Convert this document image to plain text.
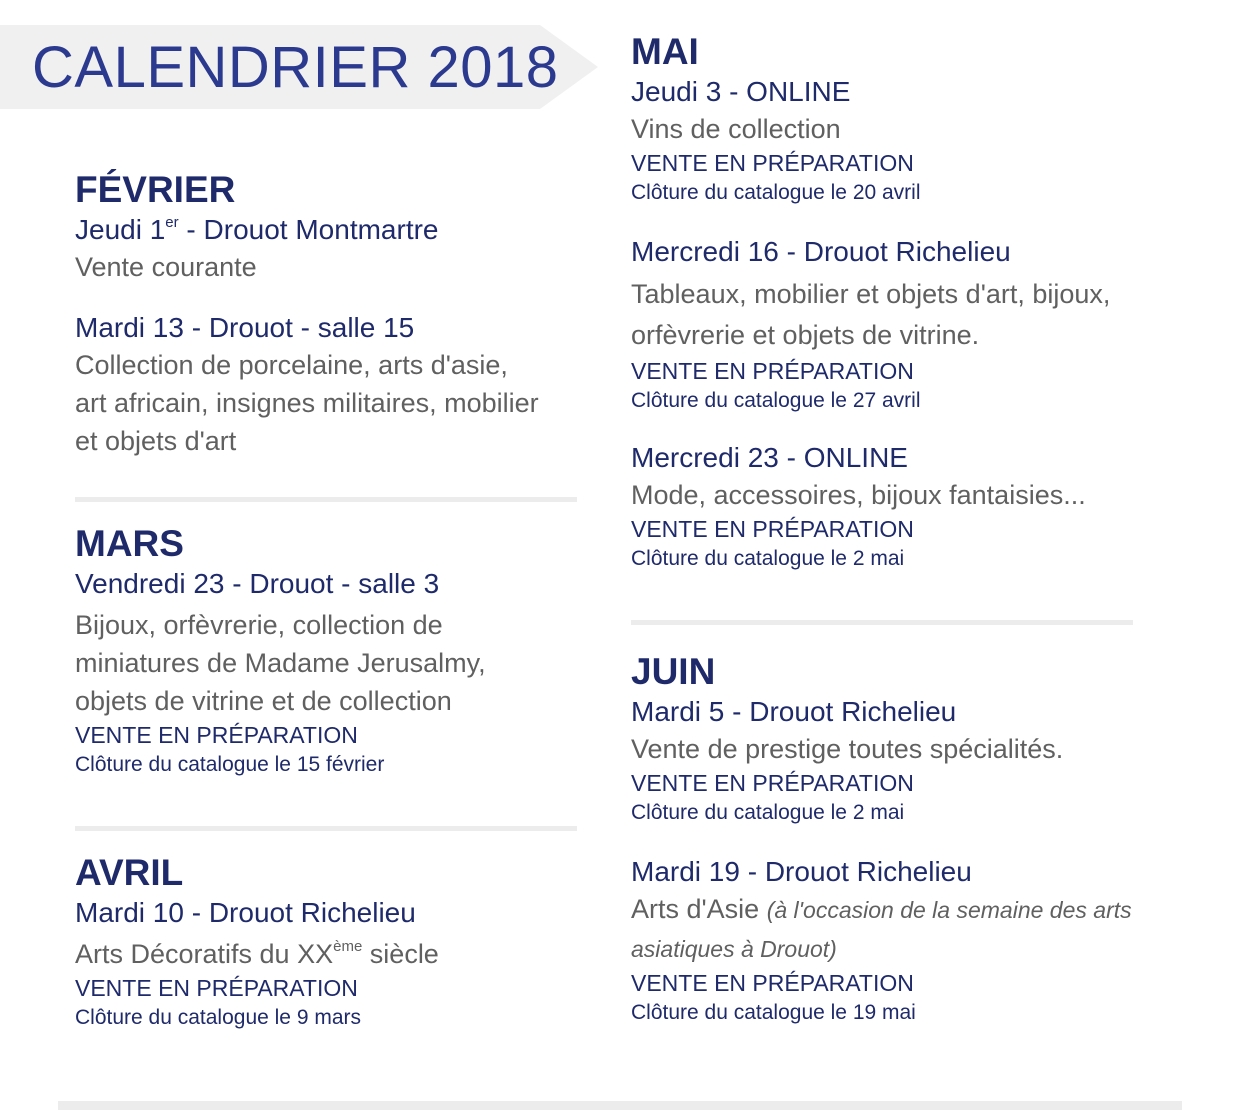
CALENDRIER 2018
FÉVRIER

Jeudi 1er - Drouot Montmartre

Vente courante

Mardi 13 - Drouot - salle 15

Collection de porcelaine, arts d'asie, art africain, insignes militaires, mobilier et objets d'art

MARS

Vendredi 23 - Drouot - salle 3

Bijoux, orfèvrerie, collection de miniatures de Madame Jerusalmy, objets de vitrine et de collection

VENTE EN PRÉPARATION

Clôture du catalogue le 15 février

AVRIL

Mardi 10 - Drouot Richelieu

Arts Décoratifs du XXème siècle

VENTE EN PRÉPARATION

Clôture du catalogue le 9 mars

MAI

Jeudi 3 - ONLINE

Vins de collection

VENTE EN PRÉPARATION

Clôture du catalogue le 20 avril

Mercredi 16 - Drouot Richelieu

Tableaux, mobilier et objets d'art, bijoux, orfèvrerie et objets de vitrine.

VENTE EN PRÉPARATION

Clôture du catalogue le 27 avril

Mercredi 23 - ONLINE

Mode, accessoires, bijoux fantaisies...

VENTE EN PRÉPARATION

Clôture du catalogue le 2 mai

JUIN

Mardi 5 - Drouot Richelieu

Vente de prestige toutes spécialités.

VENTE EN PRÉPARATION

Clôture du catalogue le 2 mai

Mardi 19 - Drouot Richelieu

Arts d'Asie (à l'occasion de la semaine des arts asiatiques à Drouot)

VENTE EN PRÉPARATION

Clôture du catalogue le 19 mai
